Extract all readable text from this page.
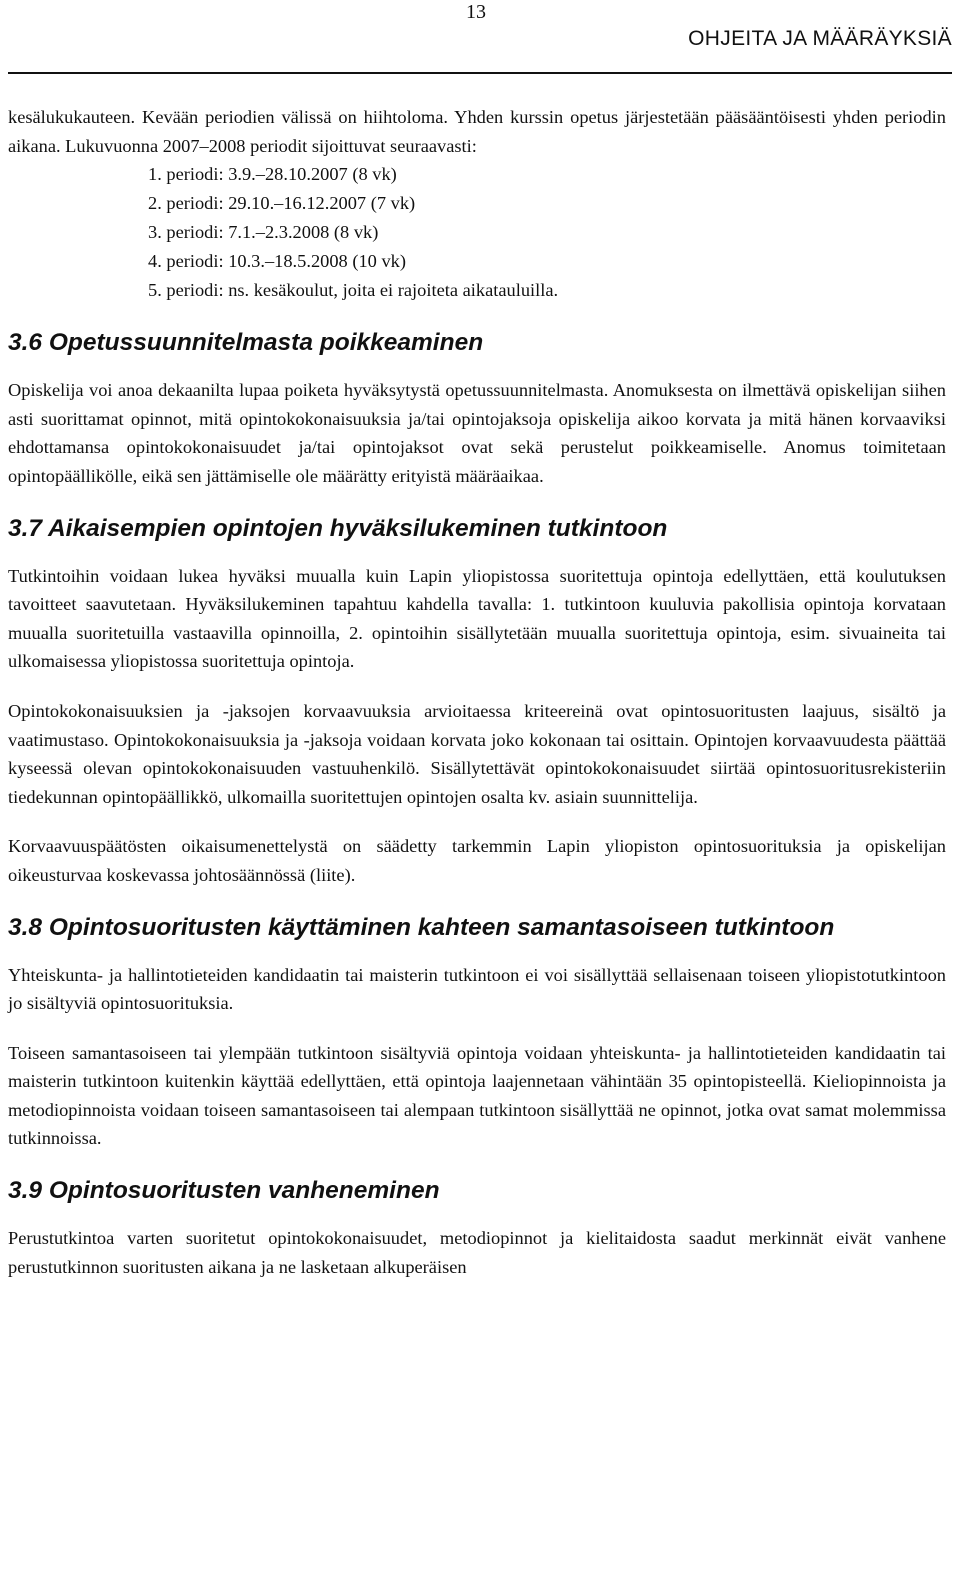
13
OHJEITA JA MÄÄRÄYKSIÄ

kesälukukauteen. Kevään periodien välissä on hiihtoloma. Yhden kurssin opetus järjestetään pääsääntöisesti yhden periodin aikana. Lukuvuonna 2007–2008 periodit sijoittuvat seuraavasti:

1. periodi: 3.9.–28.10.2007 (8 vk)
2. periodi: 29.10.–16.12.2007 (7 vk)
3. periodi: 7.1.–2.3.2008 (8 vk)
4. periodi: 10.3.–18.5.2008 (10 vk)
5. periodi: ns. kesäkoulut, joita ei rajoiteta aikatauluilla.
3.6 Opetussuunnitelmasta poikkeaminen

Opiskelija voi anoa dekaanilta lupaa poiketa hyväksytystä opetussuunnitelmasta. Anomuksesta on ilmettävä opiskelijan siihen asti suorittamat opinnot, mitä opintokokonaisuuksia ja/tai opintojaksoja opiskelija aikoo korvata ja mitä hänen korvaaviksi ehdottamansa opintokokonaisuudet ja/tai opintojaksot ovat sekä perustelut poikkeamiselle. Anomus toimitetaan opintopäällikölle, eikä sen jättämiselle ole määrätty erityistä määräaikaa.

3.7 Aikaisempien opintojen hyväksilukeminen tutkintoon

Tutkintoihin voidaan lukea hyväksi muualla kuin Lapin yliopistossa suoritettuja opintoja edellyttäen, että koulutuksen tavoitteet saavutetaan. Hyväksilukeminen tapahtuu kahdella tavalla: 1. tutkintoon kuuluvia pakollisia opintoja korvataan muualla suoritetuilla vastaavilla opinnoilla, 2. opintoihin sisällytetään muualla suoritettuja opintoja, esim. sivuaineita tai ulkomaisessa yliopistossa suoritettuja opintoja.

Opintokokonaisuuksien ja -jaksojen korvaavuuksia arvioitaessa kriteereinä ovat opintosuoritusten laajuus, sisältö ja vaatimustaso. Opintokokonaisuuksia ja -jaksoja voidaan korvata joko kokonaan tai osittain. Opintojen korvaavuudesta päättää kyseessä olevan opintokokonaisuuden vastuuhenkilö. Sisällytettävät opintokokonaisuudet siirtää opintosuoritusrekisteriin tiedekunnan opintopäällikkö, ulkomailla suoritettujen opintojen osalta kv. asiain suunnittelija.

Korvaavuuspäätösten oikaisumenettelystä on säädetty tarkemmin Lapin yliopiston opintosuorituksia ja opiskelijan oikeusturvaa koskevassa johtosäännössä (liite).

3.8 Opintosuoritusten käyttäminen kahteen samantasoiseen tutkintoon

Yhteiskunta- ja hallintotieteiden kandidaatin tai maisterin tutkintoon ei voi sisällyttää sellaisenaan toiseen yliopistotutkintoon jo sisältyviä opintosuorituksia.

Toiseen samantasoiseen tai ylempään tutkintoon sisältyviä opintoja voidaan yhteiskunta- ja hallintotieteiden kandidaatin tai maisterin tutkintoon kuitenkin käyttää edellyttäen, että opintoja laajennetaan vähintään 35 opintopisteellä. Kieliopinnoista ja metodiopinnoista voidaan toiseen samantasoiseen tai alempaan tutkintoon sisällyttää ne opinnot, jotka ovat samat molemmissa tutkinnoissa.

3.9 Opintosuoritusten vanheneminen

Perustutkintoa varten suoritetut opintokokonaisuudet, metodiopinnot ja kielitaidosta saadut merkinnät eivät vanhene perustutkinnon suoritusten aikana ja ne lasketaan alkuperäisen
